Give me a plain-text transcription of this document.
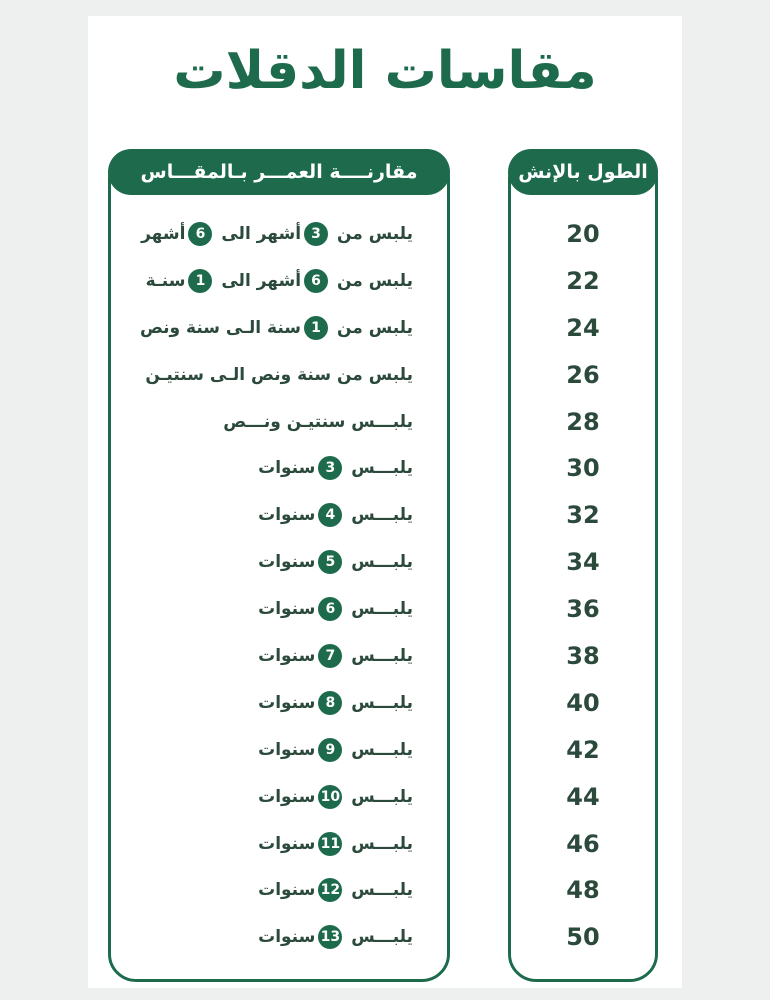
مقاسات الدقلات
مقارنــــة العمـــر بـالمقـــاس
يلبس من 3أشهر الى 6أشهر
يلبس من 6أشهر الى 1سنـة
يلبس من 1سنة الـى سنة ونص
يلبس من سنة ونص الـى سنتيـن
يلبـــس سنتيـن ونـــص
يلبـــس 3سنوات
يلبـــس 4سنوات
يلبـــس 5سنوات
يلبـــس 6سنوات
يلبـــس 7سنوات
يلبـــس 8سنوات
يلبـــس 9سنوات
يلبـــس 10سنوات
يلبـــس 11سنوات
يلبـــس 12سنوات
يلبـــس 13سنوات
الطول بالإنش
20
22
24
26
28
30
32
34
36
38
40
42
44
46
48
50
